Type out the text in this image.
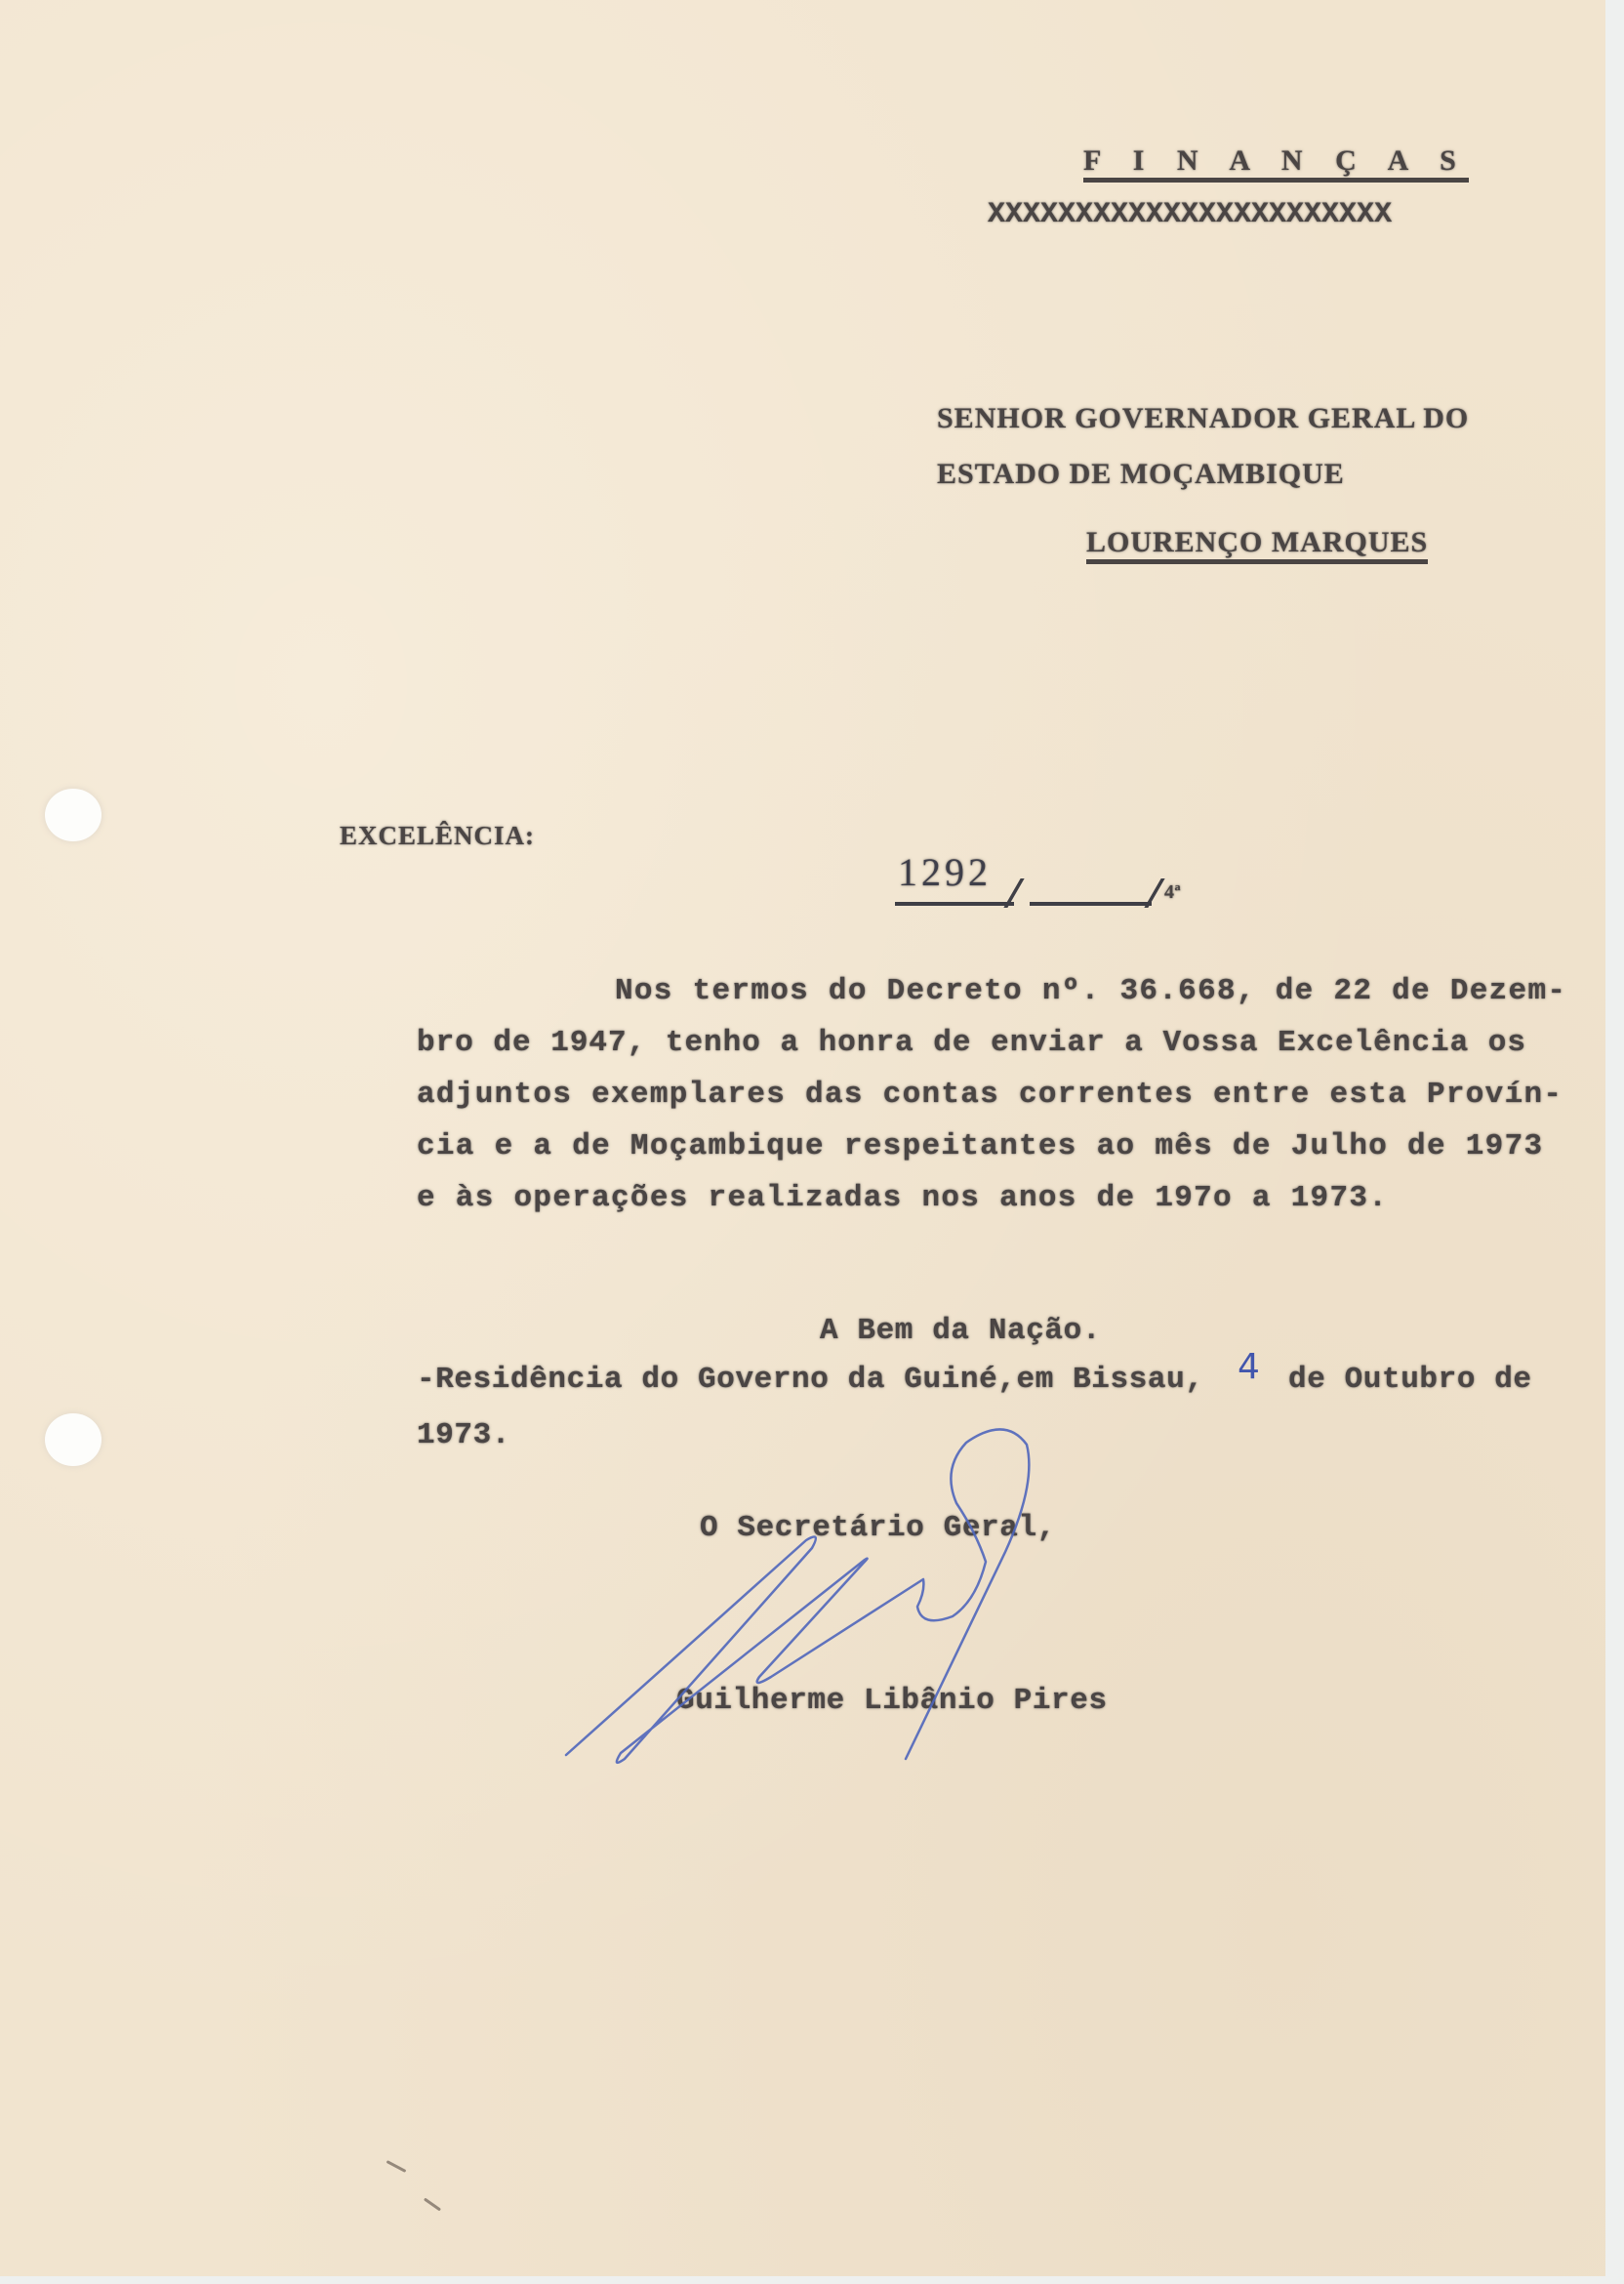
F I N A N Ç A S
XXXXXXXXXXXXXXXXXXXXXXX
SENHOR GOVERNADOR GERAL DO
ESTADO DE MOÇAMBIQUE
LOURENÇO MARQUES
EXCELÊNCIA:
1292	4ª
Nos termos do Decreto nº. 36.668, de 22 de Dezem-
bro de 1947, tenho a honra de enviar a Vossa Excelência os
adjuntos exemplares das contas correntes entre esta Provín-
cia e a de Moçambique respeitantes ao mês de Julho de 1973
e às operações realizadas nos anos de 197o a 1973.
A Bem da Nação.
-Residência do Governo da Guiné,em Bissau, 4 de Outubro de
1973.
O Secretário Geral,
Guilherme Libânio Pires
